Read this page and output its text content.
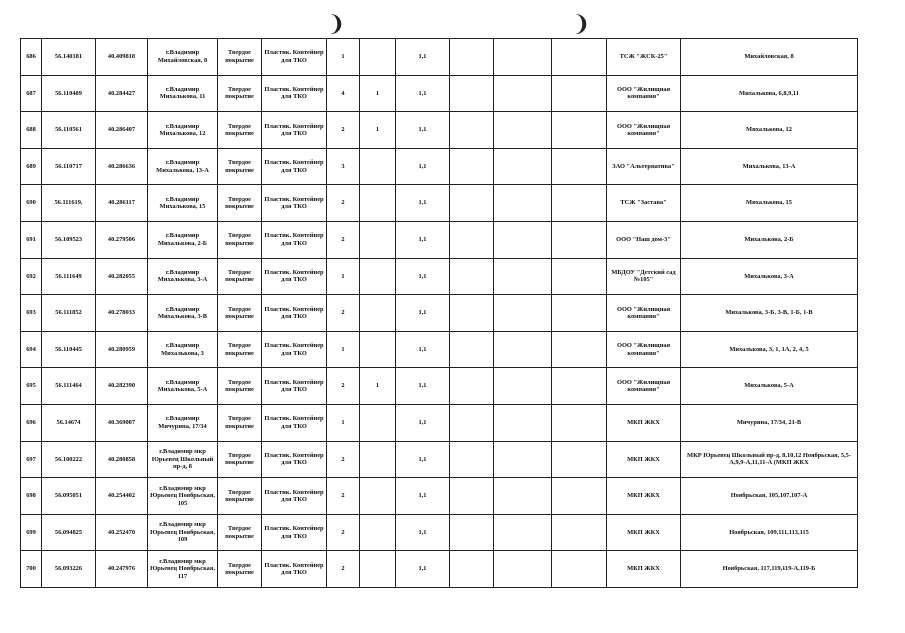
❩	❩
686	56.140181	40.409818	г.Владимир Михайловская, 8	Твердое покрытие	Пластик. Контейнер для ТКО	1		1,1				ТСЖ "ЖСК-25"	Михайловская, 8
687	56.110489	40.284427	г.Владимир Михалькова, 11	Твердое покрытие	Пластик. Контейнер для ТКО	4	1	1,1				ООО "Жилищная компания"	Михалькова, 6,8,9,11
688	56.110561	40.286407	г.Владимир Михалькова, 12	Твердое покрытие	Пластик. Контейнер для ТКО	2	1	1,1				ООО "Жилищная компания"	Михалькова, 12
689	56.110717	40.286636	г.Владимир Михалькова, 13-А	Твердое покрытие	Пластик. Контейнер для ТКО	3		1,1				ЗАО "Альтернатива"	Михалькова, 13-А
690	56.111619,	40.286117	г.Владимир Михалькова, 15	Твердое покрытие	Пластик. Контейнер для ТКО	2		1,1				ТСЖ "Застава"	Михалькова, 15
691	56.109523	40.279506	г.Владимир Михалькова, 2-Б	Твердое покрытие	Пластик. Контейнер для ТКО	2		1,1				ООО "Наш дом-3"	Михалькова, 2-Б
692	56.111649	40.282055	г.Владимир Михалькова, 3-А	Твердое покрытие	Пластик. Контейнер для ТКО	1		1,1				МБДОУ "Детский сад №105"	Михалькова, 3-А
693	56.111852	40.278033	г.Владимир Михалькова, 3-В	Твердое покрытие	Пластик. Контейнер для ТКО	2		1,1				ООО "Жилищная компания"	Михалькова, 3-Б, 3-В, 1-Б, 1-В
694	56.110445	40.280959	г.Владимир Михалькова, 3	Твердое покрытие	Пластик. Контейнер для ТКО	1		1,1				ООО "Жилищная компания"	Михалькова, 3, 1, 1А, 2, 4, 5
695	56.111464	40.282390	г.Владимир Михалькова, 5-А	Твердое покрытие	Пластик. Контейнер для ТКО	2	1	1,1				ООО "Жилищная компания"	Михалькова, 5-А
696	56.14674	40.369007	г.Владимир Мичурина, 17/34	Твердое покрытие	Пластик. Контейнер для ТКО	1		1,1				МКП ЖКХ	Мичурина, 17/34, 21-В
697	56.100222	40.280858	г.Владимир мкр Юрьевец Школьный пр-д, 8	Твердое покрытие	Пластик. Контейнер для ТКО	2		1,1				МКП ЖКХ	МКР Юрьевец Школьный пр-д, 8,10,12 Ноябрьская, 5,5-А,9,9-А,11,11-А (МКП ЖКХ
698	56.095051	40.254402	г.Владимир мкр Юрьевец Ноябрьская, 105	Твердое покрытие	Пластик. Контейнер для ТКО	2		1,1				МКП ЖКХ	Ноябрьская, 105,107,107-А
699	56.094825	40.252470	г.Владимир мкр Юрьевец Ноябрьская, 109	Твердое покрытие	Пластик. Контейнер для ТКО	2		1,1				МКП ЖКХ	Ноябрьская, 109,111,113,115
700	56.093226	40.247976	г.Владимир мкр Юрьевец Ноябрьская, 117	Твердое покрытие	Пластик. Контейнер для ТКО	2		1,1				МКП ЖКХ	Ноябрьская, 117,119,119-А,119-Б
